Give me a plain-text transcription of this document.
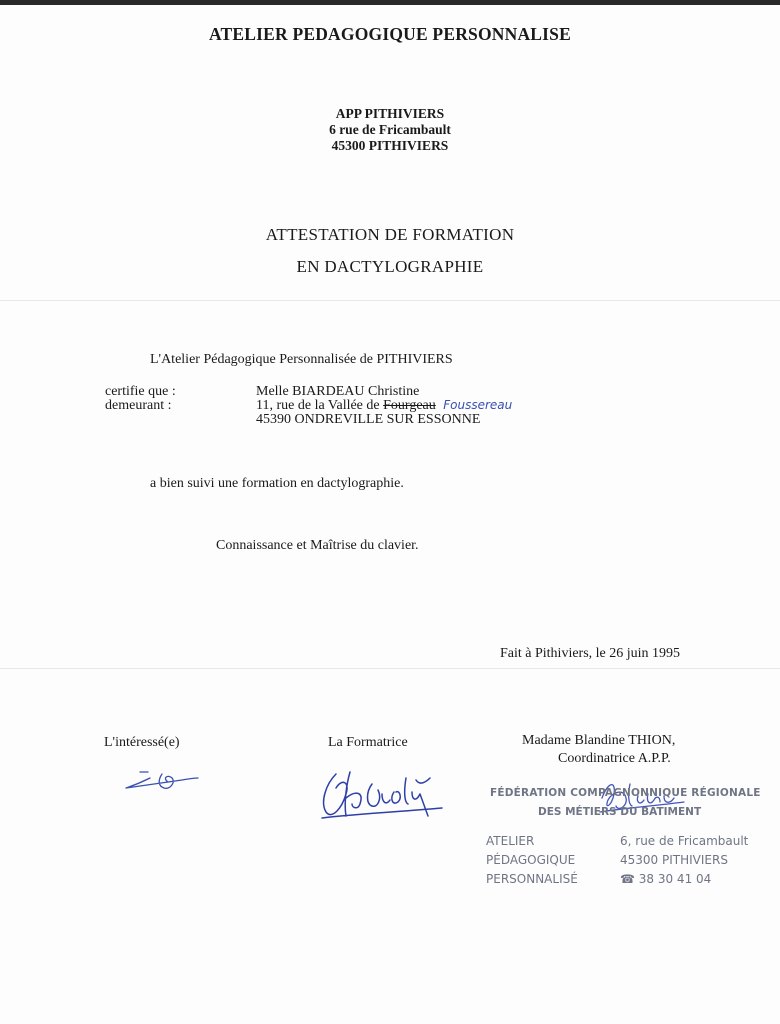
ATELIER PEDAGOGIQUE PERSONNALISE
APP PITHIVIERS
6 rue de Fricambault
45300 PITHIVIERS
ATTESTATION DE FORMATION
EN DACTYLOGRAPHIE
L'Atelier Pédagogique Personnalisée de PITHIVIERS
certifie que :
demeurant :
Melle BIARDEAU Christine
11, rue de la Vallée de Fourgeau Foussereau
45390 ONDREVILLE SUR ESSONNE
a bien suivi une formation en dactylographie.
Connaissance et Maîtrise du clavier.
Fait à Pithiviers, le 26 juin 1995
L'intéressé(e)	La Formatrice	Madame Blandine THION,
Coordinatrice A.P.P.
FÉDÉRATION COMPAGNONNIQUE RÉGIONALE
DES MÉTIERS DU BATIMENT
ATELIER
PÉDAGOGIQUE
PERSONNALISÉ
6, rue de Fricambault
45300 PITHIVIERS
☎ 38 30 41 04
